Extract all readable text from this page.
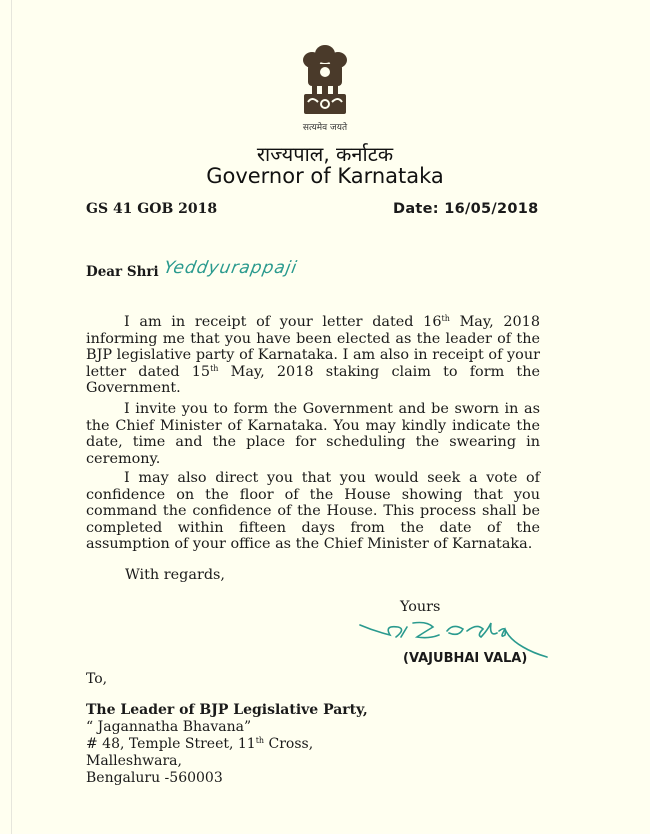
सत्यमेव जयते
राज्यपाल, कर्नाटक
Governor of Karnataka
GS 41 GOB 2018	Date: 16/05/2018
Dear Shri Yeddyurappaji
I am in receipt of your letter dated 16th May, 2018 informing me that you have been elected as the leader of the BJP legislative party of Karnataka. I am also in receipt of your letter dated 15th May, 2018 staking claim to form the Government.
I invite you to form the Government and be sworn in as the Chief Minister of Karnataka. You may kindly indicate the date, time and the place for scheduling the swearing in ceremony.
I may also direct you that you would seek a vote of confidence on the floor of the House showing that you command the confidence of the House. This process shall be completed within fifteen days from the date of the assumption of your office as the Chief Minister of Karnataka.
With regards,
Yours
(VAJUBHAI VALA)
To,
The Leader of BJP Legislative Party,
“ Jagannatha Bhavana”
# 48, Temple Street, 11th Cross,
Malleshwara,
Bengaluru -560003
